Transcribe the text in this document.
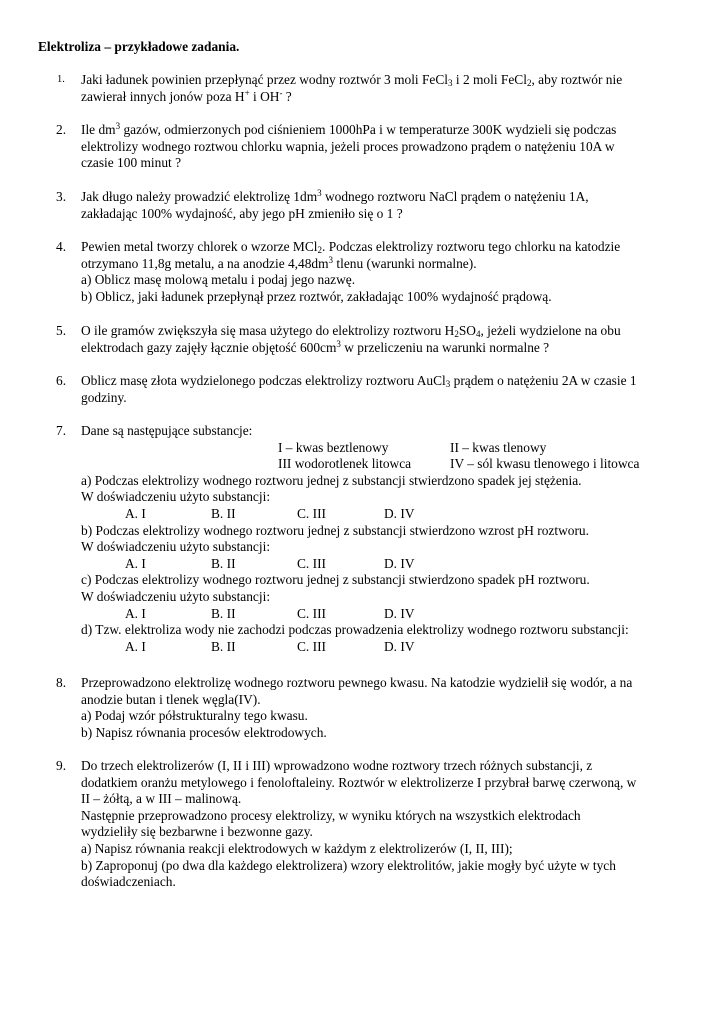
Elektroliza – przykładowe zadania.
1. Jaki ładunek powinien przepłynąć przez wodny roztwór 3 moli FeCl$_3$ i 2 moli FeCl$_2$, aby roztwór nie
zawierał innych jonów poza H+ i OH- ?
2. Ile $dm^3$ gazów, odmierzonych pod ciśnieniem 1000hPa i w temperaturze 300K wydzieli się podczas
elektrolizy wodnego roztwou chlorku wapnia, jeżeli proces prowadzono prądem o natężeniu 10A w
czasie 100 minut ?
3. Jak długo należy prowadzić elektrolizę $1dm^3$ wodnego roztworu NaCl prądem o natężeniu 1A,
zakładając 100% wydajność, aby jego pH zmieniło się o 1 ?
4. Pewien metal tworzy chlorek o wzorze MCl$_2$. Podczas elektrolizy roztworu tego chlorku na katodzie
otrzymano 11,8g metalu, a na anodzie $4,48dm^3$ tlenu (warunki normalne).
a) Oblicz masę molową metalu i podaj jego nazwę.
b) Oblicz, jaki ładunek przepłynął przez roztwór, zakładając 100% wydajność prądową.
5. O ile gramów zwiększyła się masa użytego do elektrolizy roztworu $H_2SO_4$, jeżeli wydzielone na obu
elektrodach gazy zajęły łącznie objętość $600cm^3$ w przeliczeniu na warunki normalne ?
6. Oblicz masę złota wydzielonego podczas elektrolizy roztworu AuCl$_3$ prądem o natężeniu 2A w czasie 1
godziny.
7. Dane są następujące substancje:
I – kwas beztlenowy	II – kwas tlenowy
III wodorotlenek litowca	IV – sól kwasu tlenowego i litowca
a) Podczas elektrolizy wodnego roztworu jednej z substancji stwierdzono spadek jej stężenia.
W doświadczeniu użyto substancji:
A. I	B. II	C. III	D. IV
b) Podczas elektrolizy wodnego roztworu jednej z substancji stwierdzono wzrost pH roztworu.
W doświadczeniu użyto substancji:
A. I	B. II	C. III	D. IV
c) Podczas elektrolizy wodnego roztworu jednej z substancji stwierdzono spadek pH roztworu.
W doświadczeniu użyto substancji:
A. I	B. II	C. III	D. IV
d) Tzw. elektroliza wody nie zachodzi podczas prowadzenia elektrolizy wodnego roztworu substancji:
A. I	B. II	C. III	D. IV
8. Przeprowadzono elektrolizę wodnego roztworu pewnego kwasu. Na katodzie wydzielił się wodór, a na
anodzie butan i tlenek węgla(IV).
a) Podaj wzór półstrukturalny tego kwasu.
b) Napisz równania procesów elektrodowych.
9. Do trzech elektrolizerów (I, II i III) wprowadzono wodne roztwory trzech różnych substancji, z
dodatkiem oranżu metylowego i fenoloftaleiny. Roztwór w elektrolizerze I przybrał barwę czerwoną, w
II – żółtą, a w III – malinową.
Następnie przeprowadzono procesy elektrolizy, w wyniku których na wszystkich elektrodach
wydzieliły się bezbarwne i bezwonne gazy.
a) Napisz równania reakcji elektrodowych w każdym z elektrolizerów (I, II, III);
b) Zaproponuj (po dwa dla każdego elektrolizera) wzory elektrolitów, jakie mogły być użyte w tych
doświadczeniach.
